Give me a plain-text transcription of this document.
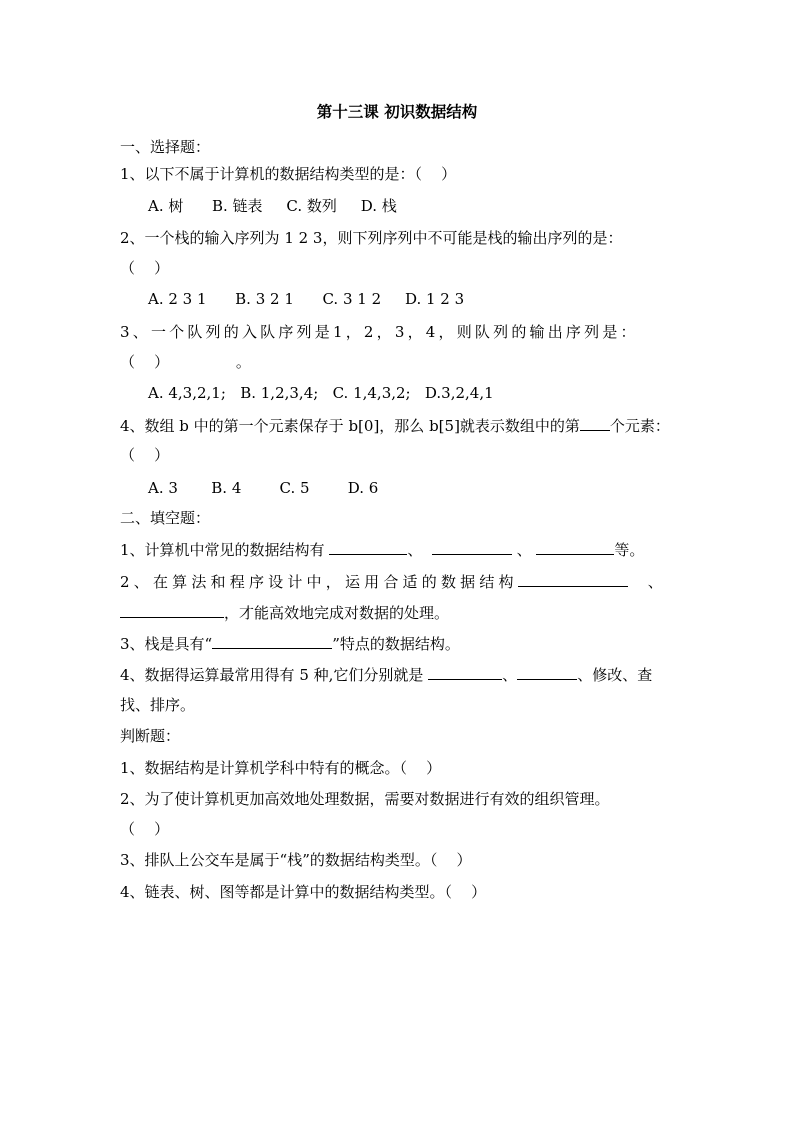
第十三课 初识数据结构
一、选择题：
1、以下不属于计算机的数据结构类型的是：（    ）
A. 树      B. 链表     C. 数列     D. 栈
2、一个栈的输入序列为 1 2 3，则下列序列中不可能是栈的输出序列的是：
（    ）
A. 2 3 1      B. 3 2 1      C. 3 1 2     D. 1 2 3
3、一个队列的入队序列是1，2，3，4，则队列的输出序列是：
（    ）              。
A. 4,3,2,1;   B. 1,2,3,4;   C. 1,4,3,2;   D.3,2,4,1
4、数组 b 中的第一个元素保存于 b[0]，那么 b[5]就表示数组中的第 个元素：
（    ）
A. 3       B. 4        C. 5        D. 6
二、填空题：
1、计算机中常见的数据结构有	、	、	等。
2、在算法和程序设计中，运用合适的数据结构	、
，才能高效地完成对数据的处理。
3、栈是具有“	”特点的数据结构。
4、数据得运算最常用得有 5 种,它们分别就是	、	、修改、查
找、排序。
判断题：
1、数据结构是计算机学科中特有的概念。（    ）
2、为了使计算机更加高效地处理数据，需要对数据进行有效的组织管理。
（    ）
3、排队上公交车是属于“栈”的数据结构类型。（    ）
4、链表、树、图等都是计算中的数据结构类型。（    ）
